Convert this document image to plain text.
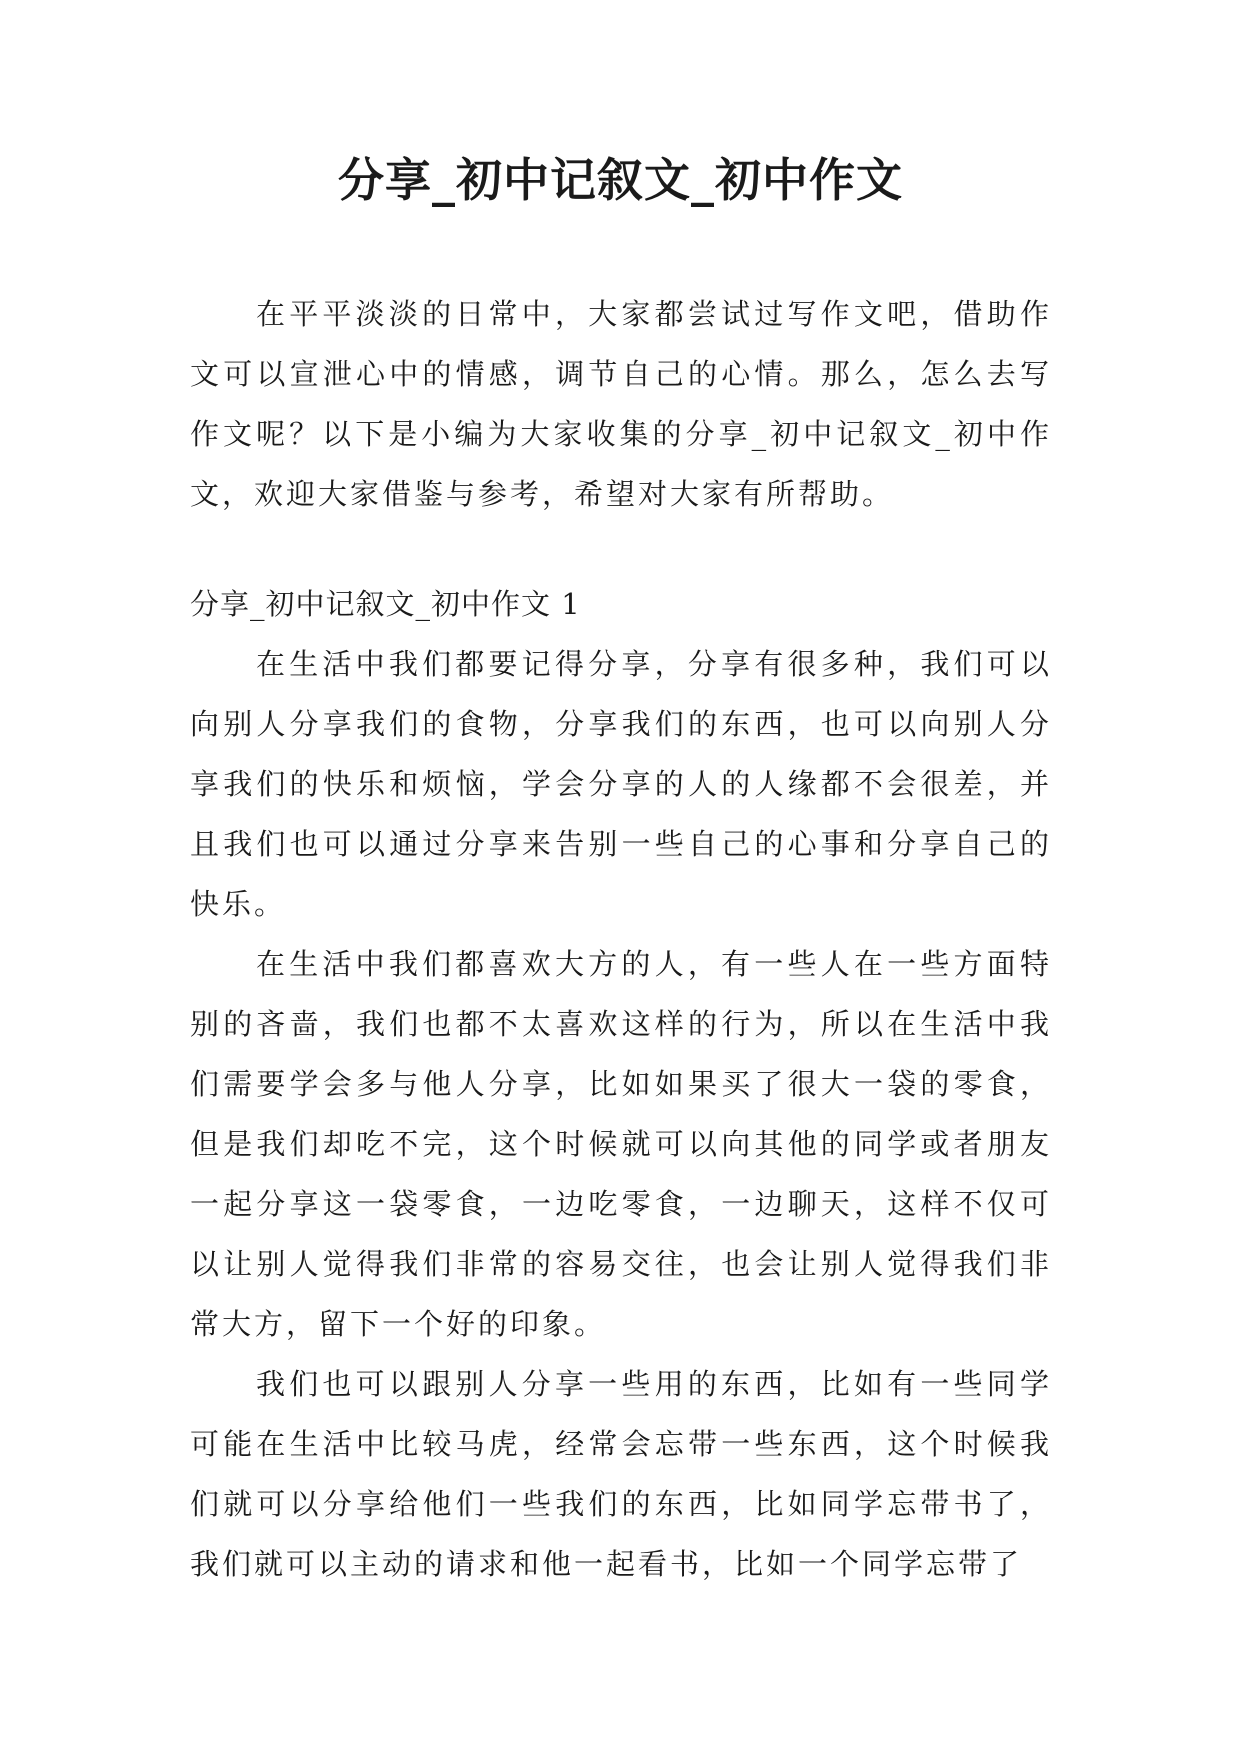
分享_初中记叙文_初中作文

在平平淡淡的日常中，大家都尝试过写作文吧，借助作文可以宣泄心中的情感，调节自己的心情。那么，怎么去写作文呢？以下是小编为大家收集的分享_初中记叙文_初中作文，欢迎大家借鉴与参考，希望对大家有所帮助。

分享_初中记叙文_初中作文 1

在生活中我们都要记得分享，分享有很多种，我们可以向别人分享我们的食物，分享我们的东西，也可以向别人分享我们的快乐和烦恼，学会分享的人的人缘都不会很差，并且我们也可以通过分享来告别一些自己的心事和分享自己的快乐。

在生活中我们都喜欢大方的人，有一些人在一些方面特别的吝啬，我们也都不太喜欢这样的行为，所以在生活中我们需要学会多与他人分享，比如如果买了很大一袋的零食，但是我们却吃不完，这个时候就可以向其他的同学或者朋友一起分享这一袋零食，一边吃零食，一边聊天，这样不仅可以让别人觉得我们非常的容易交往，也会让别人觉得我们非常大方，留下一个好的印象。

我们也可以跟别人分享一些用的东西，比如有一些同学可能在生活中比较马虎，经常会忘带一些东西，这个时候我们就可以分享给他们一些我们的东西，比如同学忘带书了，我们就可以主动的请求和他一起看书，比如一个同学忘带了
